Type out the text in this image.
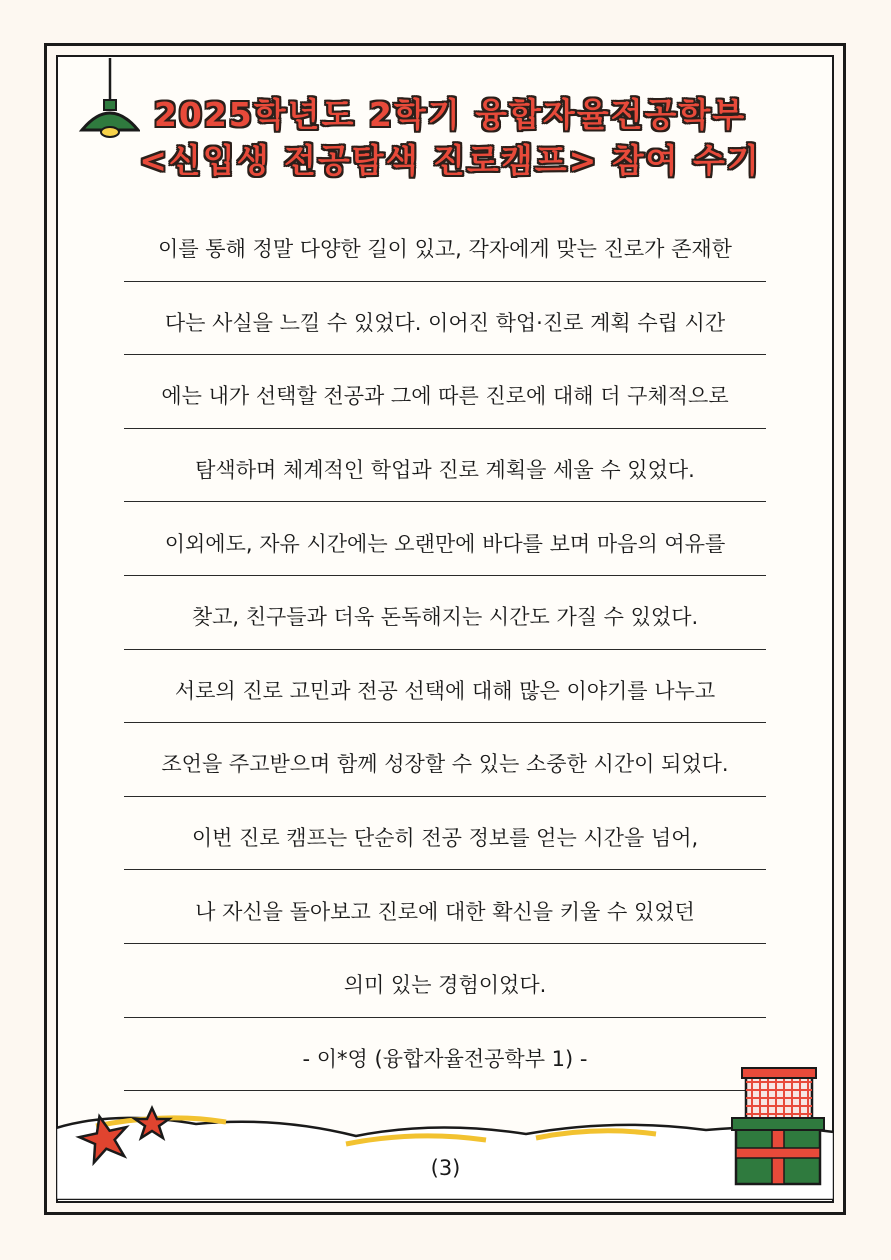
2025학년도 2학기 융합자율전공학부
<신입생 전공탐색 진로캠프> 참여 수기
이를 통해 정말 다양한 길이 있고, 각자에게 맞는 진로가 존재한
다는 사실을 느낄 수 있었다. 이어진 학업·진로 계획 수립 시간
에는 내가 선택할 전공과 그에 따른 진로에 대해 더 구체적으로
탐색하며 체계적인 학업과 진로 계획을 세울 수 있었다.
이외에도, 자유 시간에는 오랜만에 바다를 보며 마음의 여유를
찾고, 친구들과 더욱 돈독해지는 시간도 가질 수 있었다.
서로의 진로 고민과 전공 선택에 대해 많은 이야기를 나누고
조언을 주고받으며 함께 성장할 수 있는 소중한 시간이 되었다.
이번 진로 캠프는 단순히 전공 정보를 얻는 시간을 넘어,
나 자신을 돌아보고 진로에 대한 확신을 키울 수 있었던
의미 있는 경험이었다.
- 이*영 (융합자율전공학부 1) -
(3)
